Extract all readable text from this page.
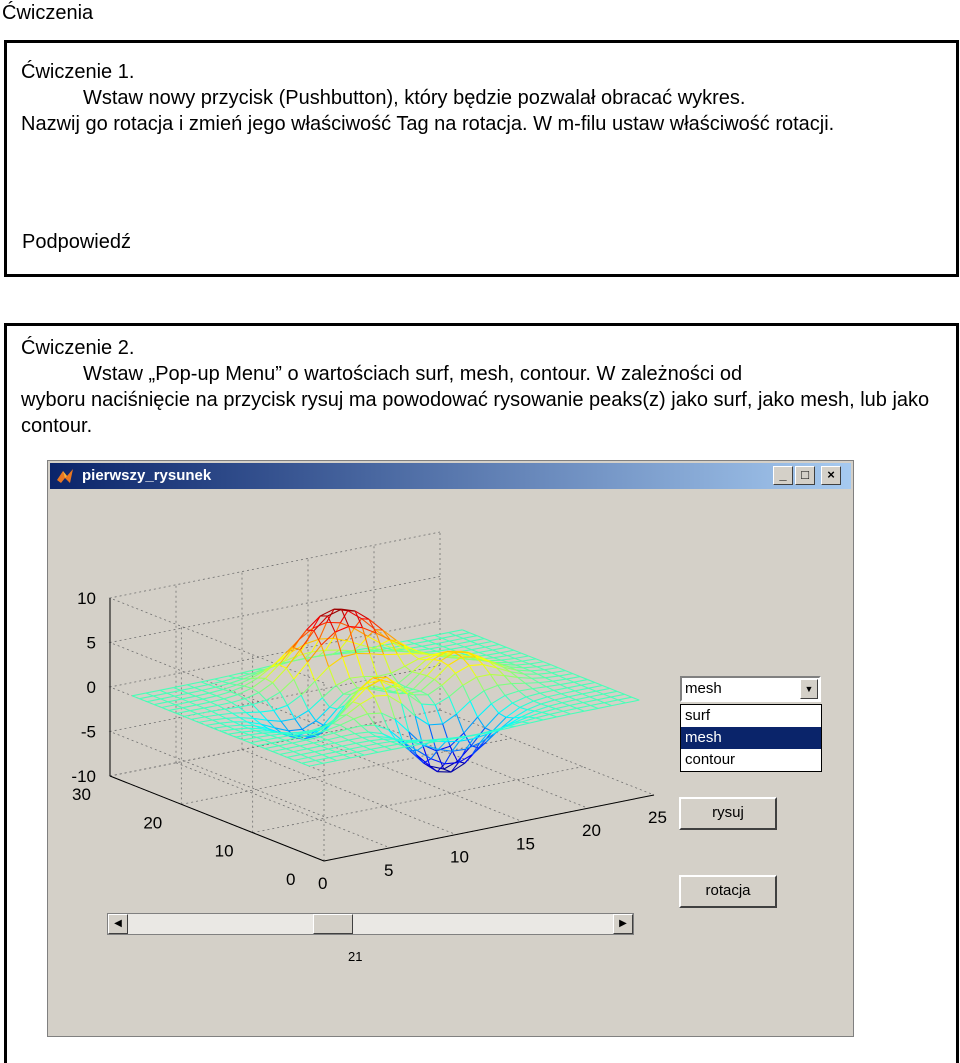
Ćwiczenia

Ćwiczenie 1.

Wstaw nowy przycisk (Pushbutton), który będzie pozwalał obracać wykres.

Nazwij go rotacja i zmień jego właściwość Tag na rotacja. W m-filu ustaw właściwość rotacji.

Podpowiedź

Ćwiczenie 2.

Wstaw „Pop-up Menu” o wartościach surf, mesh, contour. W zależności od

wyboru naciśnięcie na przycisk rysuj ma powodować rysowanie peaks(z) jako surf, jako mesh, lub jako contour.

pierwszy_rysunek	_	□	×
0
5
10
15
20
25
0
10
20
30
10
5
0
-5
-10
mesh	▼
surf
mesh
contour
rysuj
rotacja
◀	▶
21
